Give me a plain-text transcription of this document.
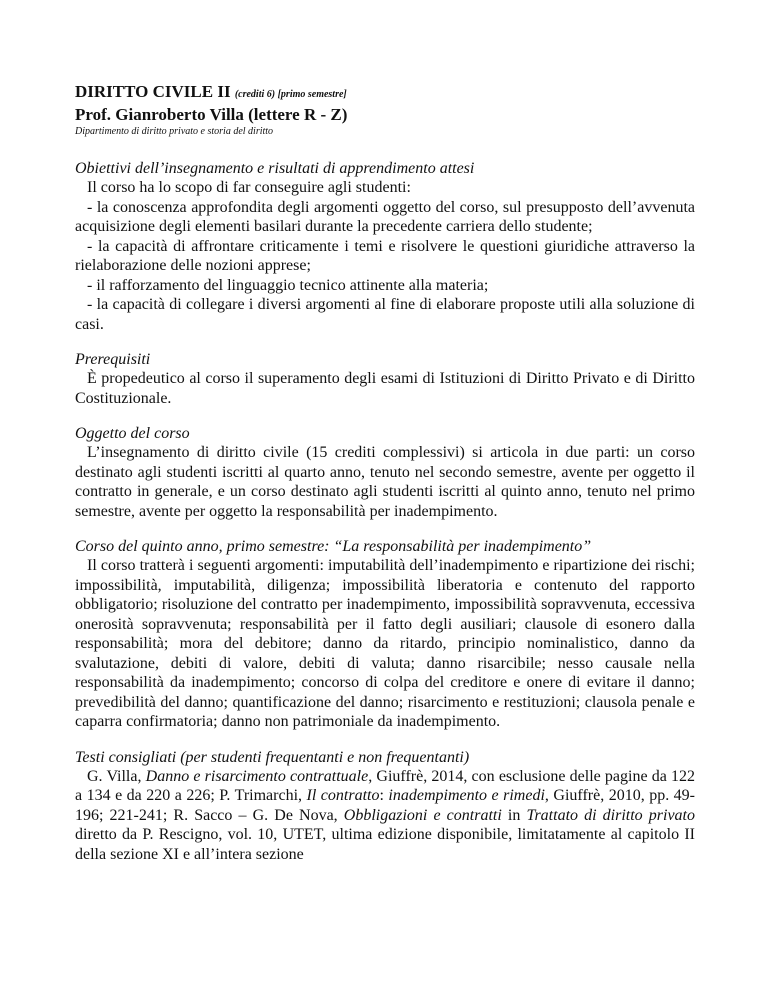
DIRITTO CIVILE II (crediti 6) [primo semestre]
Prof. Gianroberto Villa (lettere R - Z)
Dipartimento di diritto privato e storia del diritto
Obiettivi dell’insegnamento e risultati di apprendimento attesi

Il corso ha lo scopo di far conseguire agli studenti:

- la conoscenza approfondita degli argomenti oggetto del corso, sul presupposto dell’avvenuta acquisizione degli elementi basilari durante la precedente carriera dello studente;

- la capacità di affrontare criticamente i temi e risolvere le questioni giuridiche attraverso la rielaborazione delle nozioni apprese;

- il rafforzamento del linguaggio tecnico attinente alla materia;

- la capacità di collegare i diversi argomenti al fine di elaborare proposte utili alla soluzione di casi.

Prerequisiti

È propedeutico al corso il superamento degli esami di Istituzioni di Diritto Privato e di Diritto Costituzionale.

Oggetto del corso

L’insegnamento di diritto civile (15 crediti complessivi) si articola in due parti: un corso destinato agli studenti iscritti al quarto anno, tenuto nel secondo semestre, avente per oggetto il contratto in generale, e un corso destinato agli studenti iscritti al quinto anno, tenuto nel primo semestre, avente per oggetto la responsabilità per inadempimento.

Corso del quinto anno, primo semestre: “La responsabilità per inadempimento”

Il corso tratterà i seguenti argomenti: imputabilità dell’inadempimento e ripartizione dei rischi; impossibilità, imputabilità, diligenza; impossibilità liberatoria e contenuto del rapporto obbligatorio; risoluzione del contratto per inadempimento, impossibilità sopravvenuta, eccessiva onerosità sopravvenuta; responsabilità per il fatto degli ausiliari; clausole di esonero dalla responsabilità; mora del debitore; danno da ritardo, principio nominalistico, danno da svalutazione, debiti di valore, debiti di valuta; danno risarcibile; nesso causale nella responsabilità da inadempimento; concorso di colpa del creditore e onere di evitare il danno; prevedibilità del danno; quantificazione del danno; risarcimento e restituzioni; clausola penale e caparra confirmatoria; danno non patrimoniale da inadempimento.

Testi consigliati (per studenti frequentanti e non frequentanti)

G. Villa, Danno e risarcimento contrattuale, Giuffrè, 2014, con esclusione delle pagine da 122 a 134 e da 220 a 226; P. Trimarchi, Il contratto: inadempimento e rimedi, Giuffrè, 2010, pp. 49-196; 221-241; R. Sacco – G. De Nova, Obbligazioni e contratti in Trattato di diritto privato diretto da P. Rescigno, vol. 10, UTET, ultima edizione disponibile, limitatamente al capitolo II della sezione XI e all’intera sezione
